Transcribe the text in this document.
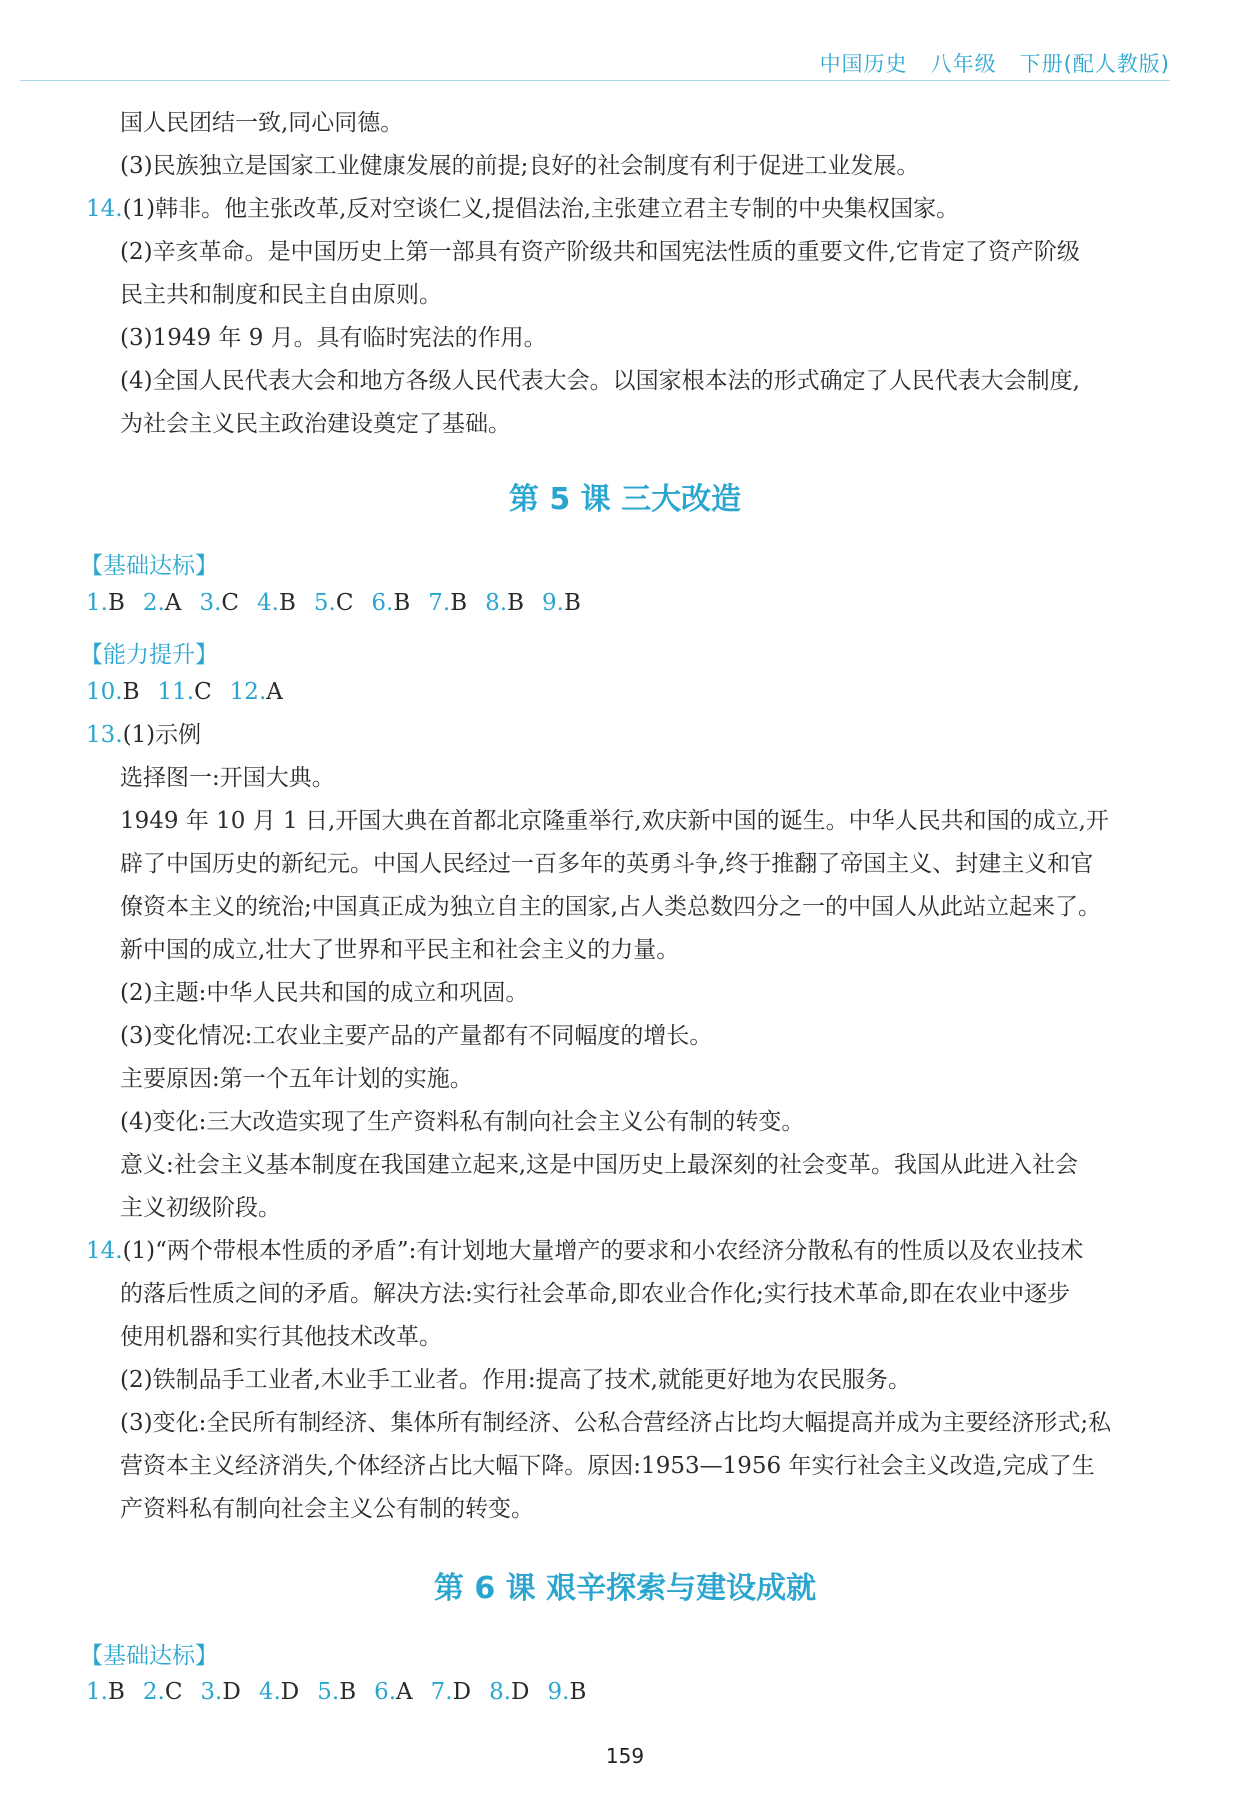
中国历史   八年级   下册(配人教版)
国人民团结一致,同心同德。
(3)民族独立是国家工业健康发展的前提;良好的社会制度有利于促进工业发展。
14.(1)韩非。他主张改革,反对空谈仁义,提倡法治,主张建立君主专制的中央集权国家。
(2)辛亥革命。是中国历史上第一部具有资产阶级共和国宪法性质的重要文件,它肯定了资产阶级
民主共和制度和民主自由原则。
(3)1949 年 9 月。具有临时宪法的作用。
(4)全国人民代表大会和地方各级人民代表大会。以国家根本法的形式确定了人民代表大会制度,
为社会主义民主政治建设奠定了基础。
第 5 课 三大改造
【基础达标】
1.B 2.A 3.C 4.B 5.C 6.B 7.B 8.B 9.B
【能力提升】
10.B 11.C 12.A
13.(1)示例
选择图一:开国大典。
1949 年 10 月 1 日,开国大典在首都北京隆重举行,欢庆新中国的诞生。中华人民共和国的成立,开
辟了中国历史的新纪元。中国人民经过一百多年的英勇斗争,终于推翻了帝国主义、封建主义和官
僚资本主义的统治;中国真正成为独立自主的国家,占人类总数四分之一的中国人从此站立起来了。
新中国的成立,壮大了世界和平民主和社会主义的力量。
(2)主题:中华人民共和国的成立和巩固。
(3)变化情况:工农业主要产品的产量都有不同幅度的增长。
主要原因:第一个五年计划的实施。
(4)变化:三大改造实现了生产资料私有制向社会主义公有制的转变。
意义:社会主义基本制度在我国建立起来,这是中国历史上最深刻的社会变革。我国从此进入社会
主义初级阶段。
14.(1)“两个带根本性质的矛盾”:有计划地大量增产的要求和小农经济分散私有的性质以及农业技术
的落后性质之间的矛盾。解决方法:实行社会革命,即农业合作化;实行技术革命,即在农业中逐步
使用机器和实行其他技术改革。
(2)铁制品手工业者,木业手工业者。作用:提高了技术,就能更好地为农民服务。
(3)变化:全民所有制经济、集体所有制经济、公私合营经济占比均大幅提高并成为主要经济形式;私
营资本主义经济消失,个体经济占比大幅下降。原因:1953—1956 年实行社会主义改造,完成了生
产资料私有制向社会主义公有制的转变。
第 6 课 艰辛探索与建设成就
【基础达标】
1.B 2.C 3.D 4.D 5.B 6.A 7.D 8.D 9.B
159
